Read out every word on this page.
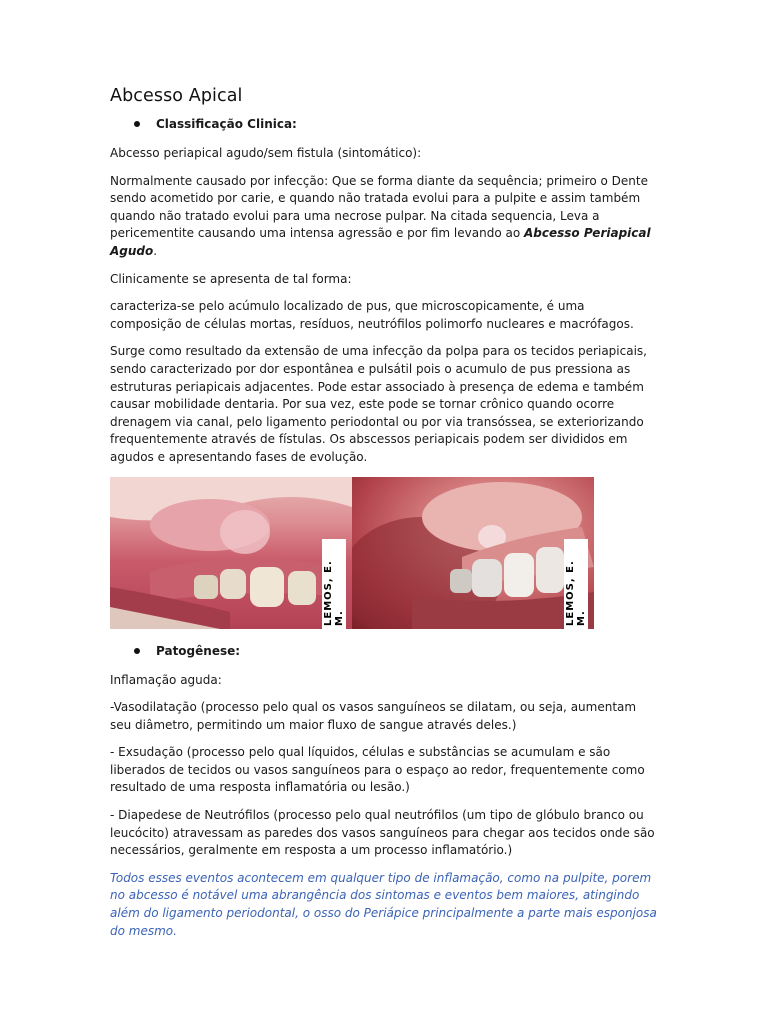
Abcesso Apical
Classificação Clinica:

Abcesso periapical agudo/sem fistula (sintomático):

Normalmente causado por infecção: Que se forma diante da sequência; primeiro o Dente sendo acometido por carie, e quando não tratada evolui para a pulpite e assim também quando não tratado evolui para uma necrose pulpar. Na citada sequencia, Leva a pericementite causando uma intensa agressão e por fim levando ao Abcesso Periapical Agudo.

Clinicamente se apresenta de tal forma:

caracteriza-se pelo acúmulo localizado de pus, que microscopicamente, é uma composição de células mortas, resíduos, neutrófilos polimorfo nucleares e macrófagos.

Surge como resultado da extensão de uma infecção da polpa para os tecidos periapicais, sendo caracterizado por dor espontânea e pulsátil pois o acumulo de pus pressiona as estruturas periapicais adjacentes. Pode estar associado à presença de edema e também causar mobilidade dentaria. Por sua vez, este pode se tornar crônico quando ocorre drenagem via canal, pelo ligamento periodontal ou por via transóssea, se exteriorizando frequentemente através de fístulas. Os abscessos periapicais podem ser divididos em agudos e apresentando fases de evolução.

LEMOS, E. M.	LEMOS, E. M.
Patogênese:

Inflamação aguda:

-Vasodilatação (processo pelo qual os vasos sanguíneos se dilatam, ou seja, aumentam seu diâmetro, permitindo um maior fluxo de sangue através deles.)

- Exsudação (processo pelo qual líquidos, células e substâncias se acumulam e são liberados de tecidos ou vasos sanguíneos para o espaço ao redor, frequentemente como resultado de uma resposta inflamatória ou lesão.)

- Diapedese de Neutrófilos (processo pelo qual neutrófilos (um tipo de glóbulo branco ou leucócito) atravessam as paredes dos vasos sanguíneos para chegar aos tecidos onde são necessários, geralmente em resposta a um processo inflamatório.)

Todos esses eventos acontecem em qualquer tipo de inflamação, como na pulpite, porem no abcesso é notável uma abrangência dos sintomas e eventos bem maiores, atingindo além do ligamento periodontal, o osso do Periápice principalmente a parte mais esponjosa do mesmo.
